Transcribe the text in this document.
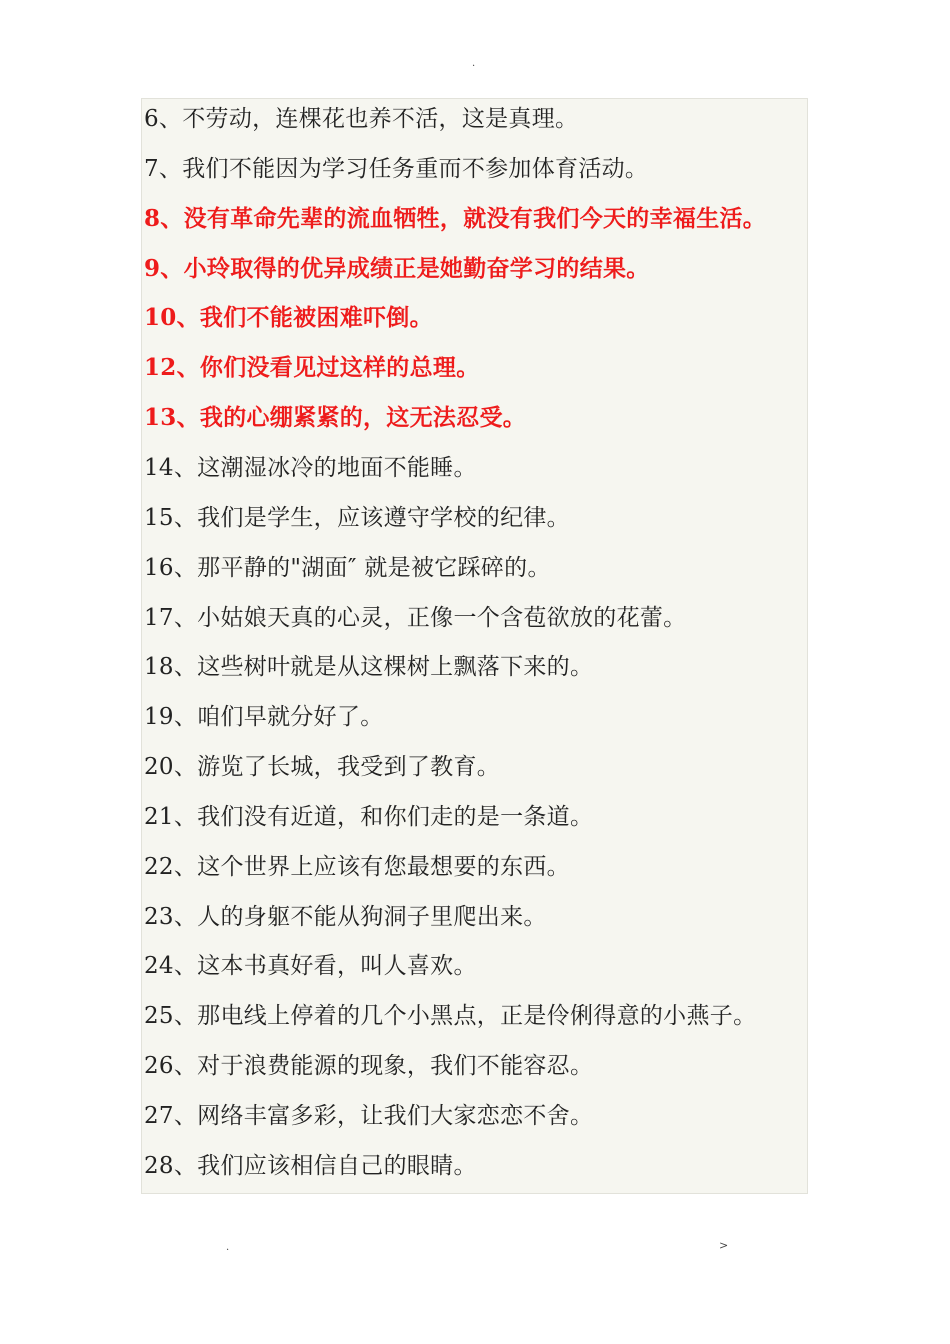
.
6、不劳动，连棵花也养不活，这是真理。
7、我们不能因为学习任务重而不参加体育活动。
8、没有革命先辈的流血牺牲，就没有我们今天的幸福生活。
9、小玲取得的优异成绩正是她勤奋学习的结果。
10、我们不能被困难吓倒。
12、你们没看见过这样的总理。
13、我的心绷紧紧的，这无法忍受。
14、这潮湿冰冷的地面不能睡。
15、我们是学生，应该遵守学校的纪律。
16、那平静的"湖面″ 就是被它踩碎的。
17、小姑娘天真的心灵，正像一个含苞欲放的花蕾。
18、这些树叶就是从这棵树上飘落下来的。
19、咱们早就分好了。
20、游览了长城，我受到了教育。
21、我们没有近道，和你们走的是一条道。
22、这个世界上应该有您最想要的东西。
23、人的身躯不能从狗洞子里爬出来。
24、这本书真好看，叫人喜欢。
25、那电线上停着的几个小黑点，正是伶俐得意的小燕子。
26、对于浪费能源的现象，我们不能容忍。
27、网络丰富多彩，让我们大家恋恋不舍。
28、我们应该相信自己的眼睛。
.	>
